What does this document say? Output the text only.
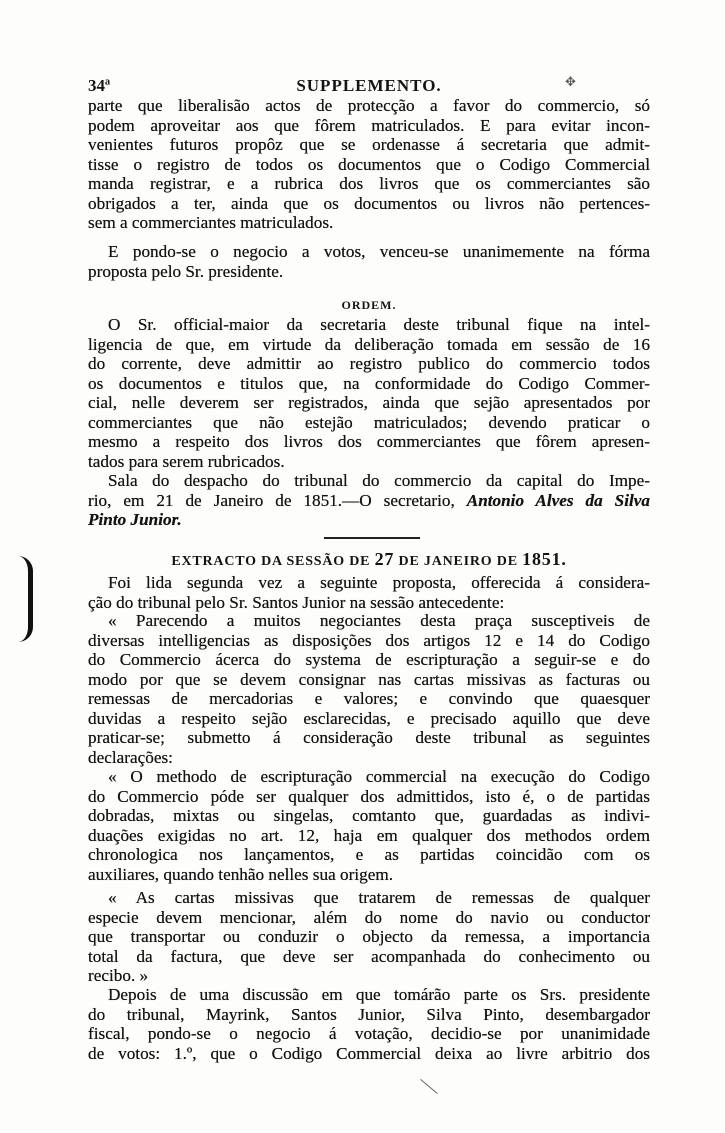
✥
34ª	SUPPLEMENTO.
parte que liberalisão actos de protecção a favor do commercio, só
podem aproveitar aos que fôrem matriculados. E para evitar incon-
venientes futuros propôz que se ordenasse á secretaria que admit-
tisse o registro de todos os documentos que o Codigo Commercial
manda registrar, e a rubrica dos livros que os commerciantes são
obrigados a ter, ainda que os documentos ou livros não pertences-
sem a commerciantes matriculados.
E pondo-se o negocio a votos, venceu-se unanimemente na fórma
proposta pelo Sr. presidente.
ORDEM.
O Sr. official-maior da secretaria deste tribunal fique na intel-
ligencia de que, em virtude da deliberação tomada em sessão de 16
do corrente, deve admittir ao registro publico do commercio todos
os documentos e titulos que, na conformidade do Codigo Commer-
cial, nelle deverem ser registrados, ainda que sejão apresentados por
commerciantes que não estejão matriculados; devendo praticar o
mesmo a respeito dos livros dos commerciantes que fôrem apresen-
tados para serem rubricados.
Sala do despacho do tribunal do commercio da capital do Impe-
rio, em 21 de Janeiro de 1851.—O secretario, Antonio Alves da Silva
Pinto Junior.
EXTRACTO DA SESSÃO DE 27 DE JANEIRO DE 1851.
Foi lida segunda vez a seguinte proposta, offerecida á considera-
ção do tribunal pelo Sr. Santos Junior na sessão antecedente:
« Parecendo a muitos negociantes desta praça susceptiveis de
diversas intelligencias as disposições dos artigos 12 e 14 do Codigo
do Commercio ácerca do systema de escripturação a seguir-se e do
modo por que se devem consignar nas cartas missivas as facturas ou
remessas de mercadorias e valores; e convindo que quaesquer
duvidas a respeito sejão esclarecidas, e precisado aquillo que deve
praticar-se; submetto á consideração deste tribunal as seguintes
declarações:
« O methodo de escripturação commercial na execução do Codigo
do Commercio póde ser qualquer dos admittidos, isto é, o de partidas
dobradas, mixtas ou singelas, comtanto que, guardadas as indivi-
duações exigidas no art. 12, haja em qualquer dos methodos ordem
chronologica nos lançamentos, e as partidas coincidão com os
auxiliares, quando tenhão nelles sua origem.
« As cartas missivas que tratarem de remessas de qualquer
especie devem mencionar, além do nome do navio ou conductor
que transportar ou conduzir o objecto da remessa, a importancia
total da factura, que deve ser acompanhada do conhecimento ou
recibo. »
Depois de uma discussão em que tomárão parte os Srs. presidente
do tribunal, Mayrink, Santos Junior, Silva Pinto, desembargador
fiscal, pondo-se o negocio á votação, decidio-se por unanimidade
de votos: 1.º, que o Codigo Commercial deixa ao livre arbitrio dos
